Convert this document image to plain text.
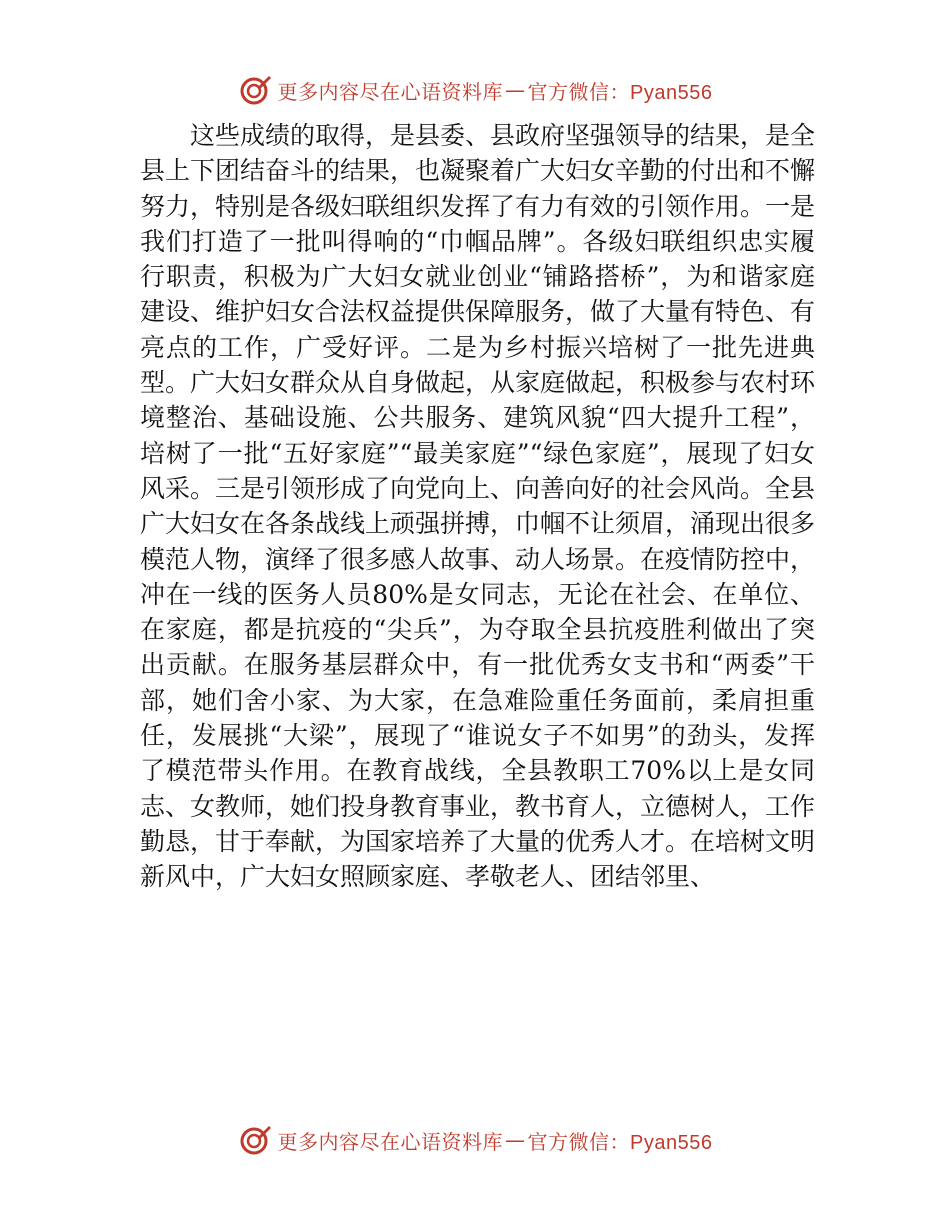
更多内容尽在心语资料库 — 官方微信：Pyan556

这些成绩的取得，是县委、县政府坚强领导的结果，是全县上下团结奋斗的结果，也凝聚着广大妇女辛勤的付出和不懈努力，特别是各级妇联组织发挥了有力有效的引领作用。一是我们打造了一批叫得响的“巾帼品牌”。各级妇联组织忠实履行职责，积极为广大妇女就业创业“铺路搭桥”，为和谐家庭建设、维护妇女合法权益提供保障服务，做了大量有特色、有亮点的工作，广受好评。二是为乡村振兴培树了一批先进典型。广大妇女群众从自身做起，从家庭做起，积极参与农村环境整治、基础设施、公共服务、建筑风貌“四大提升工程”，培树了一批“五好家庭”“最美家庭”“绿色家庭”，展现了妇女风采。三是引领形成了向党向上、向善向好的社会风尚。全县广大妇女在各条战线上顽强拼搏，巾帼不让须眉，涌现出很多模范人物，演绎了很多感人故事、动人场景。在疫情防控中，冲在一线的医务人员80%是女同志，无论在社会、在单位、在家庭，都是抗疫的“尖兵”，为夺取全县抗疫胜利做出了突出贡献。在服务基层群众中，有一批优秀女支书和“两委”干部，她们舍小家、为大家，在急难险重任务面前，柔肩担重任，发展挑“大梁”，展现了“谁说女子不如男”的劲头，发挥了模范带头作用。在教育战线，全县教职工70%以上是女同志、女教师，她们投身教育事业，教书育人，立德树人，工作勤恳，甘于奉献，为国家培养了大量的优秀人才。在培树文明新风中，广大妇女照顾家庭、孝敬老人、团结邻里、

更多内容尽在心语资料库 — 官方微信：Pyan556
